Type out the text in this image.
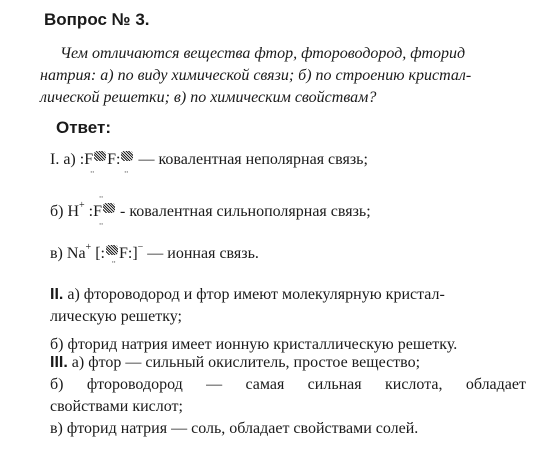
Вопрос № 3.
Чем отличаются вещества фтор, фтороводород, фторид
натрия: а) по виду химической связи; б) по строению кристал-
лической решетки; в) по химическим свойствам?
Ответ:
I. а) :F F:
··	··
— ковалентная неполярная связь;
б) H+ :F
··
··
- ковалентная сильнополярная связь;
в) Na+ [: F:]−
·· — ионная связь.
II. а) фтороводород и фтор имеют молекулярную кристал-
лическую решетку;
б) фторид натрия имеет ионную кристаллическую решетку.
III. а) фтор — сильный окислитель, простое вещество;
б) фтороводород — самая сильная кислота, обладает
свойствами кислот;
в) фторид натрия — соль, обладает свойствами солей.
